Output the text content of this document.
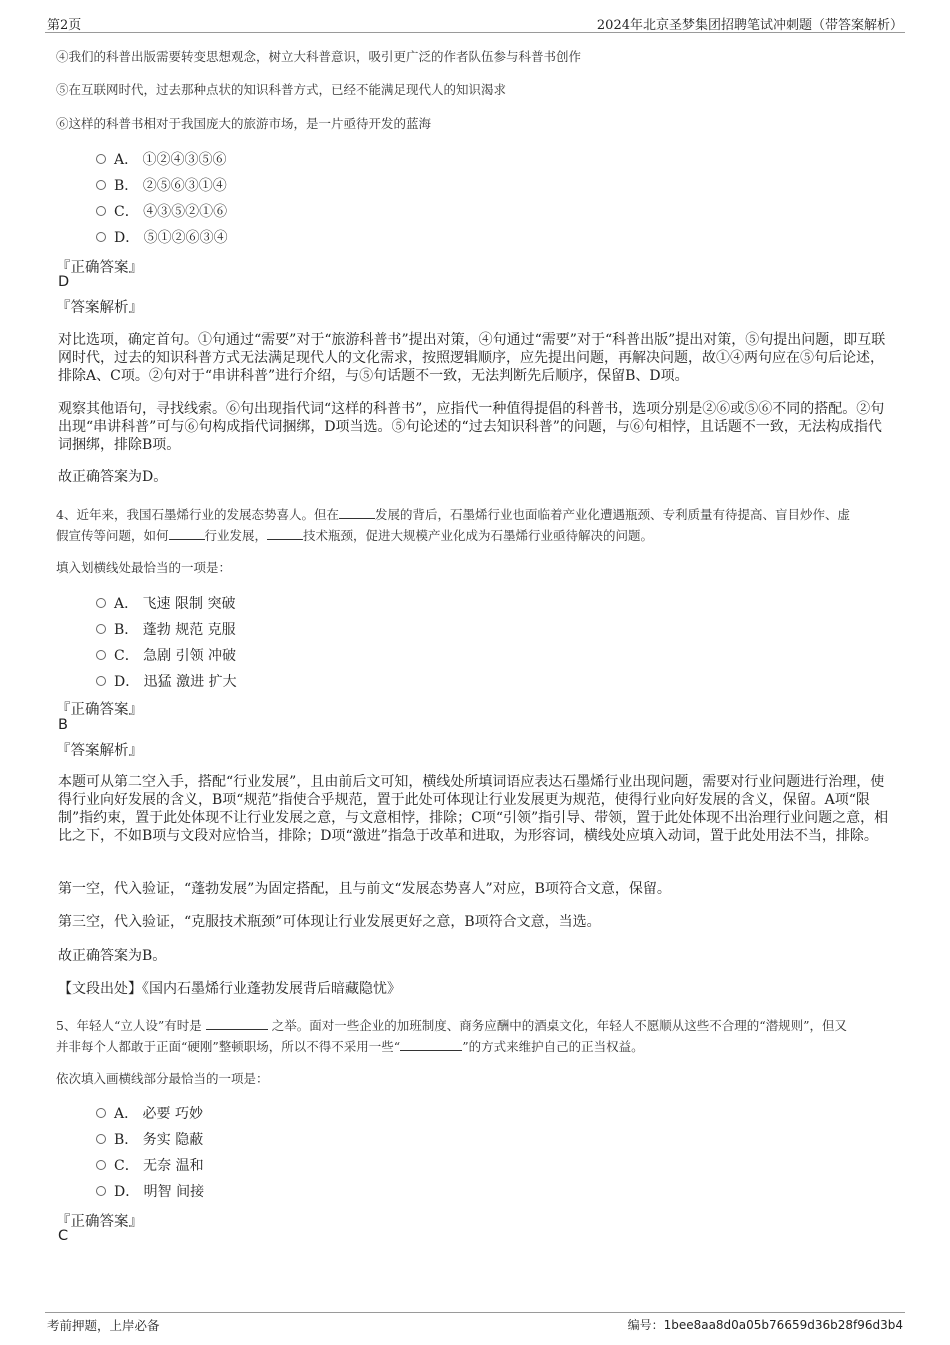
第2页	2024年北京圣梦集团招聘笔试冲刺题（带答案解析）
④我们的科普出版需要转变思想观念，树立大科普意识，吸引更广泛的作者队伍参与科普书创作
⑤在互联网时代，过去那种点状的知识科普方式，已经不能满足现代人的知识渴求
⑥这样的科普书相对于我国庞大的旅游市场，是一片亟待开发的蓝海
A． ①②④③⑤⑥
B． ②⑤⑥③①④
C． ④③⑤②①⑥
D． ⑤①②⑥③④
『正确答案』
D
『答案解析』
对比选项，确定首句。①句通过“需要”对于“旅游科普书”提出对策，④句通过“需要”对于“科普出版”提出对策，⑤句提出问题，即互联网时代，过去的知识科普方式无法满足现代人的文化需求，按照逻辑顺序，应先提出问题，再解决问题，故①④两句应在⑤句后论述，排除A、C项。②句对于“串讲科普”进行介绍，与⑤句话题不一致，无法判断先后顺序，保留B、D项。
观察其他语句，寻找线索。⑥句出现指代词“这样的科普书”，应指代一种值得提倡的科普书，选项分别是②⑥或⑤⑥不同的搭配。②句出现“串讲科普”可与⑥句构成指代词捆绑，D项当选。⑤句论述的“过去知识科普”的问题，与⑥句相悖，且话题不一致，无法构成指代词捆绑，排除B项。
故正确答案为D。
4、近年来，我国石墨烯行业的发展态势喜人。但在	发展的背后，石墨烯行业也面临着产业化遭遇瓶颈、专利质量有待提高、盲目炒作、虚
假宣传等问题，如何	行业发展，	技术瓶颈，促进大规模产业化成为石墨烯行业亟待解决的问题。
填入划横线处最恰当的一项是：
A． 飞速 限制 突破
B． 蓬勃 规范 克服
C． 急剧 引领 冲破
D． 迅猛 激进 扩大
『正确答案』
B
『答案解析』
本题可从第二空入手，搭配“行业发展”，且由前后文可知，横线处所填词语应表达石墨烯行业出现问题，需要对行业问题进行治理，使得行业向好发展的含义，B项“规范”指使合乎规范，置于此处可体现让行业发展更为规范，使得行业向好发展的含义，保留。A项“限制”指约束，置于此处体现不让行业发展之意，与文意相悖，排除；C项“引领”指引导、带领，置于此处体现不出治理行业问题之意，相比之下，不如B项与文段对应恰当，排除；D项“激进”指急于改革和进取，为形容词，横线处应填入动词，置于此处用法不当，排除。
第一空，代入验证，“蓬勃发展”为固定搭配，且与前文“发展态势喜人”对应，B项符合文意，保留。
第三空，代入验证，“克服技术瓶颈”可体现让行业发展更好之意，B项符合文意，当选。
故正确答案为B。
【文段出处】《国内石墨烯行业蓬勃发展背后暗藏隐忧》
5、年轻人“立人设”有时是	之举。面对一些企业的加班制度、商务应酬中的酒桌文化，年轻人不愿顺从这些不合理的“潜规则”，但又
并非每个人都敢于正面“硬刚”整顿职场，所以不得不采用一些“	”的方式来维护自己的正当权益。
依次填入画横线部分最恰当的一项是：
A． 必要 巧妙
B． 务实 隐蔽
C． 无奈 温和
D． 明智 间接
『正确答案』
C
考前押题，上岸必备	编号：1bee8aa8d0a05b76659d36b28f96d3b4
